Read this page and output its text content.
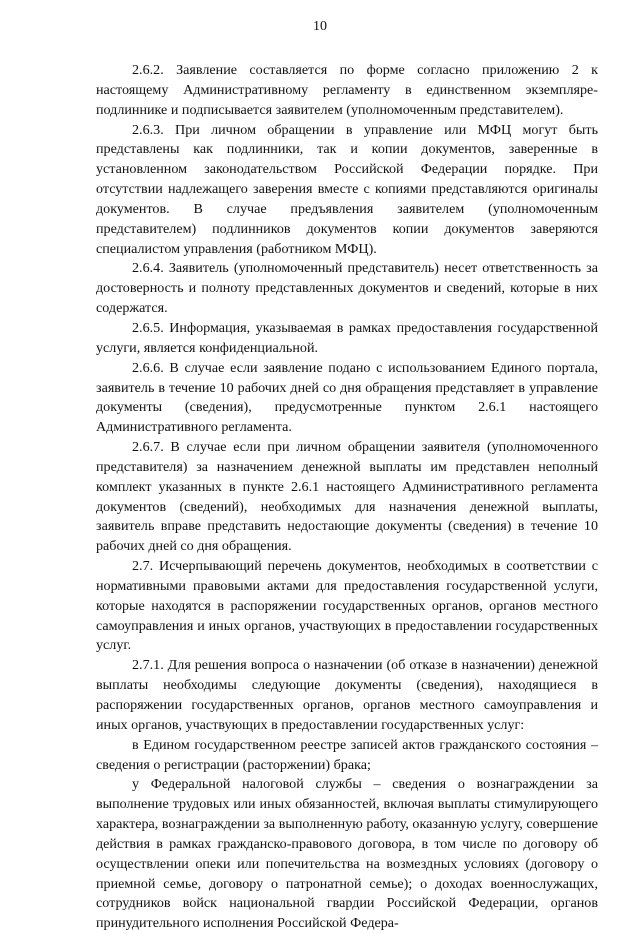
10

2.6.2. Заявление составляется по форме согласно приложению 2 к настоящему Административному регламенту в единственном экземпляре-подлиннике и подписывается заявителем (уполномоченным представителем).

2.6.3. При личном обращении в управление или МФЦ могут быть представлены как подлинники, так и копии документов, заверенные в установленном законодательством Российской Федерации порядке. При отсутствии надлежащего заверения вместе с копиями представляются оригиналы документов. В случае предъявления заявителем (уполномоченным представителем) подлинников документов копии документов заверяются специалистом управления (работником МФЦ).

2.6.4. Заявитель (уполномоченный представитель) несет ответственность за достоверность и полноту представленных документов и сведений, которые в них содержатся.

2.6.5. Информация, указываемая в рамках предоставления государственной услуги, является конфиденциальной.

2.6.6. В случае если заявление подано с использованием Единого портала, заявитель в течение 10 рабочих дней со дня обращения представляет в управление документы (сведения), предусмотренные пунктом 2.6.1 настоящего Административного регламента.

2.6.7. В случае если при личном обращении заявителя (уполномоченного представителя) за назначением денежной выплаты им представлен неполный комплект указанных в пункте 2.6.1 настоящего Административного регламента документов (сведений), необходимых для назначения денежной выплаты, заявитель вправе представить недостающие документы (сведения) в течение 10 рабочих дней со дня обращения.

2.7. Исчерпывающий перечень документов, необходимых в соответствии с нормативными правовыми актами для предоставления государственной услуги, которые находятся в распоряжении государственных органов, органов местного самоуправления и иных органов, участвующих в предоставлении государственных услуг.

2.7.1. Для решения вопроса о назначении (об отказе в назначении) денежной выплаты необходимы следующие документы (сведения), находящиеся в распоряжении государственных органов, органов местного самоуправления и иных органов, участвующих в предоставлении государственных услуг:

в Едином государственном реестре записей актов гражданского состояния – сведения о регистрации (расторжении) брака;

у Федеральной налоговой службы – сведения о вознаграждении за выполнение трудовых или иных обязанностей, включая выплаты стимулирующего характера, вознаграждении за выполненную работу, оказанную услугу, совершение действия в рамках гражданско-правового договора, в том числе по договору об осуществлении опеки или попечительства на возмездных условиях (договору о приемной семье, договору о патронатной семье); о доходах военнослужащих, сотрудников войск национальной гвардии Российской Федерации, органов принудительного исполнения Российской Федера-
